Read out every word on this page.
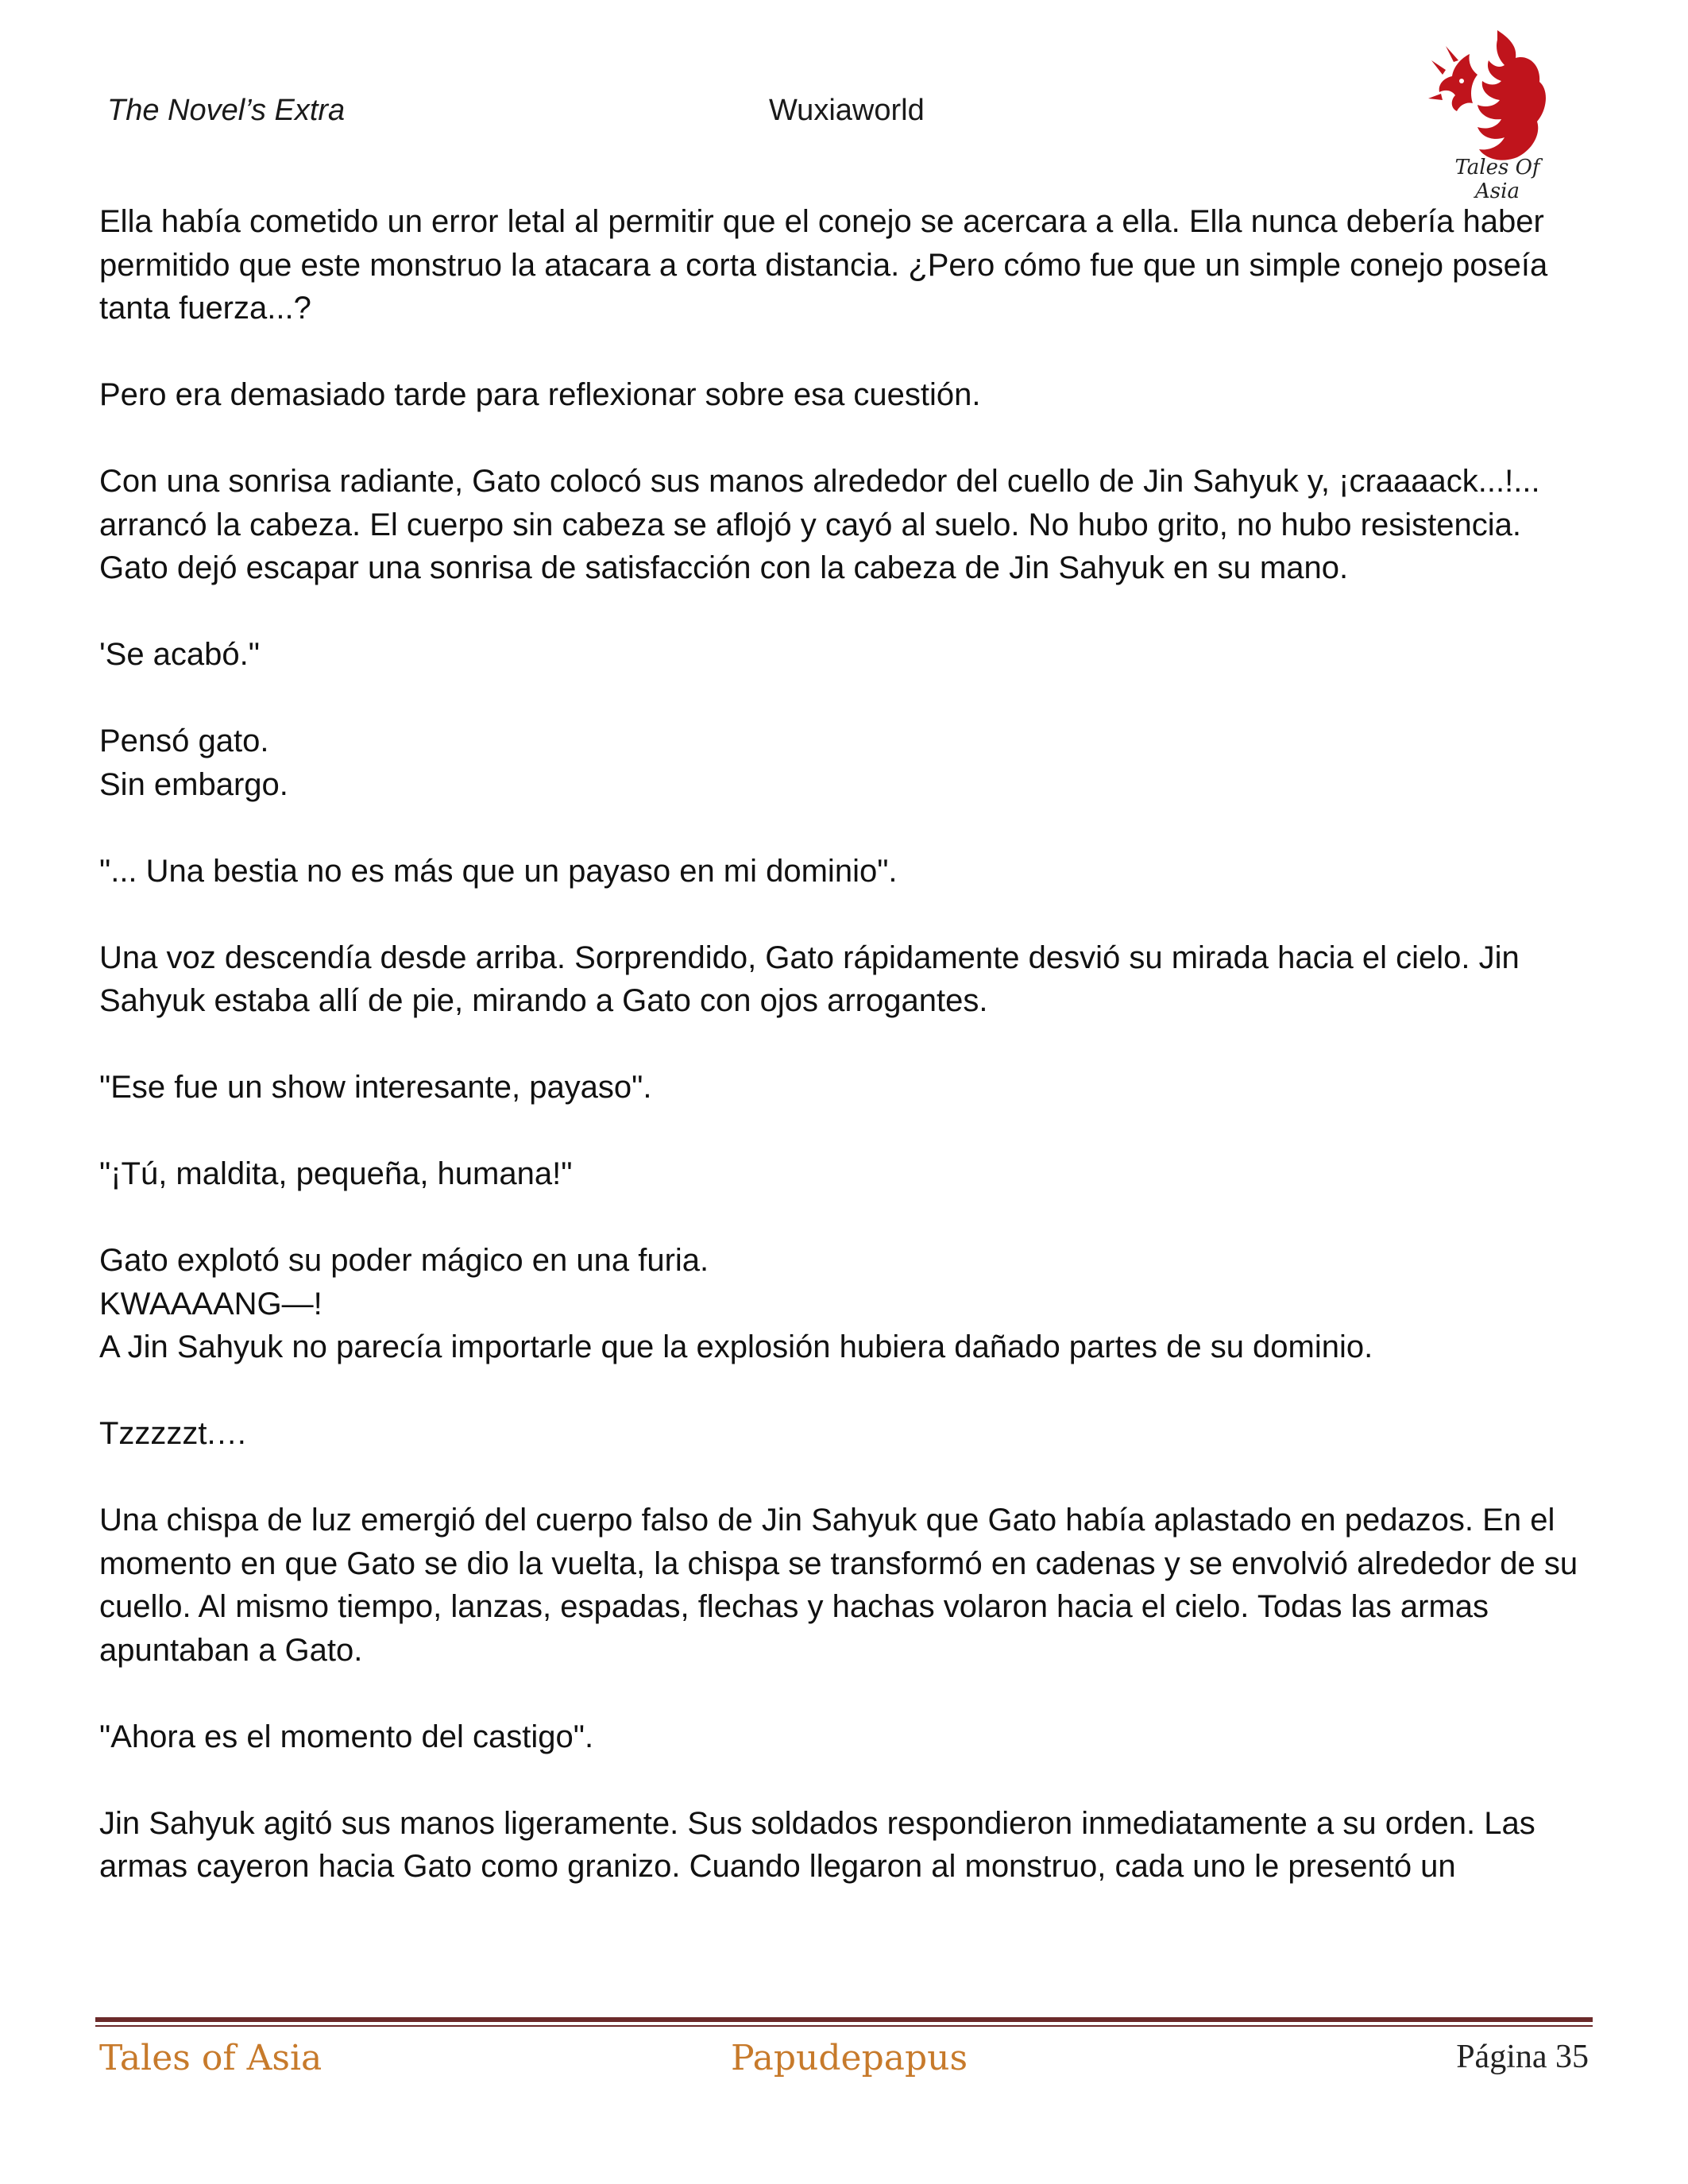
The Novel’s Extra	Wuxiaworld
Tales Of Asia

Ella había cometido un error letal al permitir que el conejo se acercara a ella. Ella nunca debería haber permitido que este monstruo la atacara a corta distancia. ¿Pero cómo fue que un simple conejo poseía tanta fuerza...?

Pero era demasiado tarde para reflexionar sobre esa cuestión.

Con una sonrisa radiante, Gato colocó sus manos alrededor del cuello de Jin Sahyuk y, ¡craaaack...!... arrancó la cabeza. El cuerpo sin cabeza se aflojó y cayó al suelo. No hubo grito, no hubo resistencia. Gato dejó escapar una sonrisa de satisfacción con la cabeza de Jin Sahyuk en su mano.

'Se acabó."

Pensó gato.
Sin embargo.

"... Una bestia no es más que un payaso en mi dominio".

Una voz descendía desde arriba. Sorprendido, Gato rápidamente desvió su mirada hacia el cielo. Jin Sahyuk estaba allí de pie, mirando a Gato con ojos arrogantes.

"Ese fue un show interesante, payaso".

"¡Tú, maldita, pequeña, humana!"

Gato explotó su poder mágico en una furia.
KWAAAANG—!
A Jin Sahyuk no parecía importarle que la explosión hubiera dañado partes de su dominio.

Tzzzzzt.…

Una chispa de luz emergió del cuerpo falso de Jin Sahyuk que Gato había aplastado en pedazos. En el momento en que Gato se dio la vuelta, la chispa se transformó en cadenas y se envolvió alrededor de su cuello. Al mismo tiempo, lanzas, espadas, flechas y hachas volaron hacia el cielo. Todas las armas apuntaban a Gato.

"Ahora es el momento del castigo".

Jin Sahyuk agitó sus manos ligeramente. Sus soldados respondieron inmediatamente a su orden. Las armas cayeron hacia Gato como granizo. Cuando llegaron al monstruo, cada uno le presentó un

Tales of Asia	Papudepapus	Página 35
